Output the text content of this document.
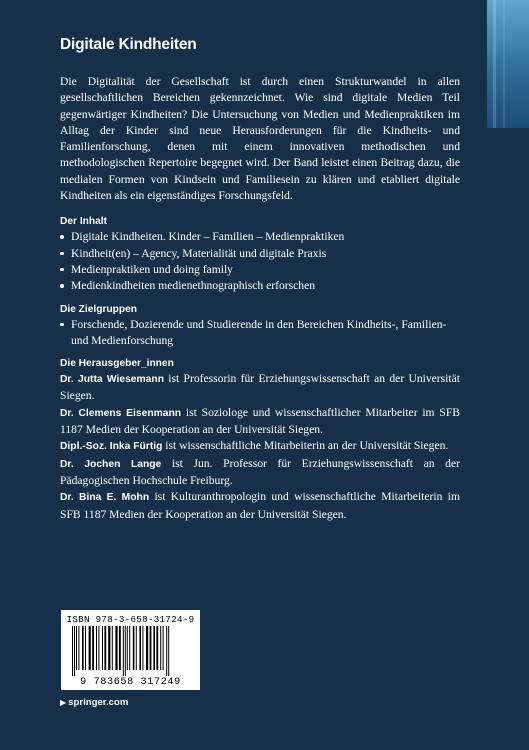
Digitale Kindheiten

Die Digitalität der Gesellschaft ist durch einen Strukturwandel in allen gesellschaftlichen Bereichen gekennzeichnet. Wie sind digitale Medien Teil gegenwärtiger Kindheiten? Die Untersuchung von Medien und Medienpraktiken im Alltag der Kinder sind neue Herausforderungen für die Kindheits- und Familienforschung, denen mit einem innovativen methodischen und methodologischen Repertoire begegnet wird. Der Band leistet einen Beitrag dazu, die medialen Formen von Kindsein und Familiesein zu klären und etabliert digitale Kindheiten als ein eigenständiges Forschungsfeld.

Der Inhalt
Digitale Kindheiten. Kinder – Familien – Medienpraktiken
Kindheit(en) – Agency, Materialität und digitale Praxis
Medienpraktiken und doing family
Medienkindheiten medienethnographisch erforschen
Die Zielgruppen
Forschende, Dozierende und Studierende in den Bereichen Kindheits-, Familien- und Medienforschung
Die Herausgeber_innen

Dr. Jutta Wiesemann ist Professorin für Erziehungswissenschaft an der Universität Siegen.

Dr. Clemens Eisenmann ist Soziologe und wissenschaftlicher Mitarbeiter im SFB 1187 Medien der Kooperation an der Universität Siegen.

Dipl.-Soz. Inka Fürtig ist wissenschaftliche Mitarbeiterin an der Universität Siegen.

Dr. Jochen Lange ist Jun. Professor für Erziehungswissenschaft an der Pädagogischen Hochschule Freiburg.

Dr. Bina E. Mohn ist Kulturanthropologin und wissenschaftliche Mitarbeiterin im SFB 1187 Medien der Kooperation an der Universität Siegen.

ISBN 978-3-658-31724-9
9 783658 317249
▶ springer.com
